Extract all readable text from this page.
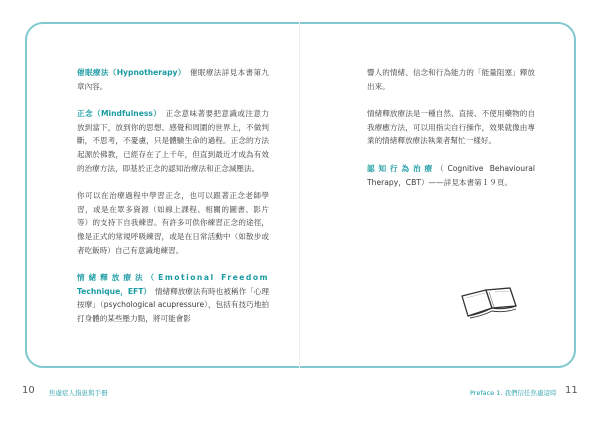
催眠療法（Hypnotherapy）　催眠療法詳見本書第九章內容。

正念（Mindfulness）　正念意味著要把意識或注意力放到當下，放到你的思想、感覺和周圍的世界上，不做判斷，不思考，不憂慮，只是體驗生命的過程。正念的方法起源於佛教，已經存在了上千年，但直到最近才成為有效的治療方法，即基於正念的認知治療法和正念減壓法。

你可以在治療過程中學習正念，也可以跟著正念老師學習，或是在眾多資源（如線上課程、相關的圖書、影片等）的支持下自我練習。有許多可供你練習正念的途徑，像是正式的常規呼吸練習，或是在日常活動中（如散步或者吃飯時）自己有意識地練習。

情緒釋放療法（Emotional Freedom Technique，EFT）　情緒釋放療法有時也被稱作「心理按摩」（psychological acupressure），包括有技巧地拍打身體的某些壓力點，將可能會影

響人的情緒、信念和行為能力的「能量阻塞」釋放出來。

情緒釋放療法是一種自然、直接、不使用藥物的自我療癒方法，可以用指尖自行操作，效果就像由專業的情緒釋放療法執業者幫忙一樣好。

認知行為治療（Cognitive Behavioural Therapy，CBT）——詳見本書第１９頁。

10 焦慮症人指患與手冊	Preface 1. 我們信任焦慮這時 11
